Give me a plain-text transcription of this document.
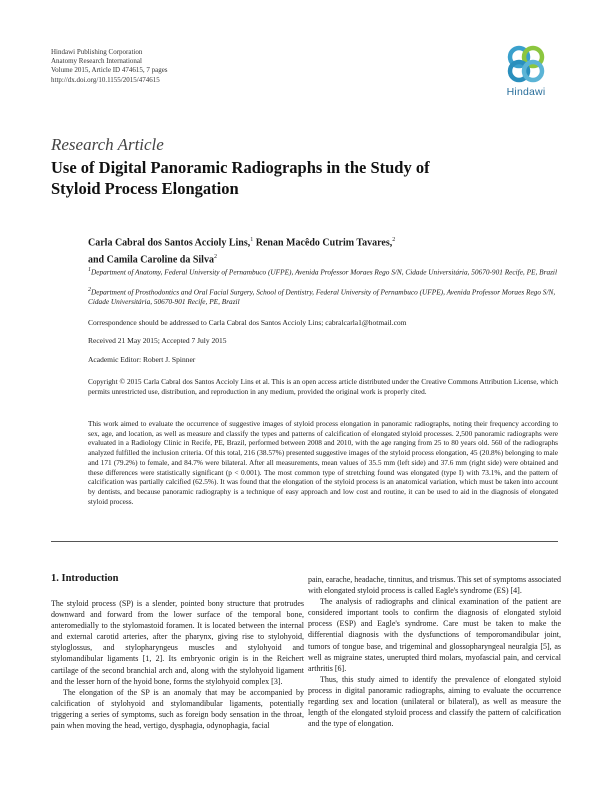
Hindawi Publishing Corporation
Anatomy Research International
Volume 2015, Article ID 474615, 7 pages
http://dx.doi.org/10.1155/2015/474615
Hindawi
Research Article
Use of Digital Panoramic Radiographs in the Study of Styloid Process Elongation
Carla Cabral dos Santos Accioly Lins,$^1$ Renan Macêdo Cutrim Tavares,$^2$
and Camila Caroline da Silva$^2$
$^1$Department of Anatomy, Federal University of Pernambuco (UFPE), Avenida Professor Moraes Rego S/N, Cidade Universitária, 50670-901 Recife, PE, Brazil
$^2$Department of Prosthodontics and Oral Facial Surgery, School of Dentistry, Federal University of Pernambuco (UFPE), Avenida Professor Moraes Rego S/N, Cidade Universitária, 50670-901 Recife, PE, Brazil
Correspondence should be addressed to Carla Cabral dos Santos Accioly Lins; cabralcarla1@hotmail.com
Received 21 May 2015; Accepted 7 July 2015
Academic Editor: Robert J. Spinner
Copyright © 2015 Carla Cabral dos Santos Accioly Lins et al. This is an open access article distributed under the Creative Commons Attribution License, which permits unrestricted use, distribution, and reproduction in any medium, provided the original work is properly cited.
This work aimed to evaluate the occurrence of suggestive images of styloid process elongation in panoramic radiographs, noting their frequency according to sex, age, and location, as well as measure and classify the types and patterns of calcification of elongated styloid processes. 2,500 panoramic radiographs were evaluated in a Radiology Clinic in Recife, PE, Brazil, performed between 2008 and 2010, with the age ranging from 25 to 80 years old. 560 of the radiographs analyzed fulfilled the inclusion criteria. Of this total, 216 (38.57%) presented suggestive images of the styloid process elongation, 45 (20.8%) belonging to male and 171 (79.2%) to female, and 84.7% were bilateral. After all measurements, mean values of 35.5 mm (left side) and 37.6 mm (right side) were obtained and these differences were statistically significant (p < 0.001). The most common type of stretching found was elongated (type I) with 73.1%, and the pattern of calcification was partially calcified (62.5%). It was found that the elongation of the styloid process is an anatomical variation, which must be taken into account by dentists, and because panoramic radiography is a technique of easy approach and low cost and routine, it can be used to aid in the diagnosis of elongated styloid process.
1. Introduction

The styloid process (SP) is a slender, pointed bony structure that protrudes downward and forward from the lower surface of the temporal bone, anteromedially to the stylomastoid foramen. It is located between the internal and external carotid arteries, after the pharynx, giving rise to stylohyoid, styloglossus, and stylopharyngeus muscles and stylohyoid and stylomandibular ligaments [1, 2]. Its embryonic origin is in the Reichert cartilage of the second branchial arch and, along with the stylohyoid ligament and the lesser horn of the hyoid bone, forms the stylohyoid complex [3].

The elongation of the SP is an anomaly that may be accompanied by calcification of stylohyoid and stylomandibular ligaments, potentially triggering a series of symptoms, such as foreign body sensation in the throat, pain when moving the head, vertigo, dysphagia, odynophagia, facial

pain, earache, headache, tinnitus, and trismus. This set of symptoms associated with elongated styloid process is called Eagle's syndrome (ES) [4].

The analysis of radiographs and clinical examination of the patient are considered important tools to confirm the diagnosis of elongated styloid process (ESP) and Eagle's syndrome. Care must be taken to make the differential diagnosis with the dysfunctions of temporomandibular joint, tumors of tongue base, and trigeminal and glossopharyngeal neuralgia [5], as well as migraine states, unerupted third molars, myofascial pain, and cervical arthritis [6].

Thus, this study aimed to identify the prevalence of elongated styloid process in digital panoramic radiographs, aiming to evaluate the occurrence regarding sex and location (unilateral or bilateral), as well as measure the length of the elongated styloid process and classify the pattern of calcification and the type of elongation.
